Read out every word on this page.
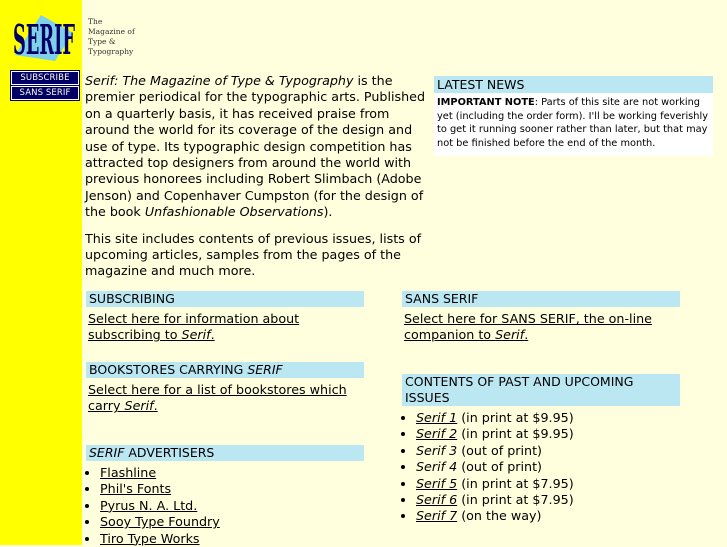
SERIF The
Magazine of
Type &
Typography
SUBSCRIBE
SANS SERIF

Serif: The Magazine of Type & Typography is the premier periodical for the typographic arts. Published on a quarterly basis, it has received praise from around the world for its coverage of the design and use of type. Its typographic design competition has attracted top designers from around the world with previous honorees including Robert Slimbach (Adobe Jenson) and Copenhaver Cumpston (for the design of the book Unfashionable Observations).

This site includes contents of previous issues, lists of upcoming articles, samples from the pages of the magazine and much more.

LATEST NEWS
IMPORTANT NOTE: Parts of this site are not working yet (including the order form). I'll be working feverishly to get it running sooner rather than later, but that may not be finished before the end of the month.
SUBSCRIBING
Select here for information about subscribing to Serif.
SANS SERIF
Select here for SANS SERIF, the on-line companion to Serif.
BOOKSTORES CARRYING SERIF
Select here for a list of bookstores which carry Serif.
CONTENTS OF PAST AND UPCOMING ISSUES
• Serif 1 (in print at $9.95)
• Serif 2 (in print at $9.95)
• Serif 3 (out of print)
• Serif 4 (out of print)
• Serif 5 (in print at $7.95)
• Serif 6 (in print at $7.95)
• Serif 7 (on the way)
SERIF ADVERTISERS
• Flashline
• Phil's Fonts
• Pyrus N. A. Ltd.
• Sooy Type Foundry
• Tiro Type Works
